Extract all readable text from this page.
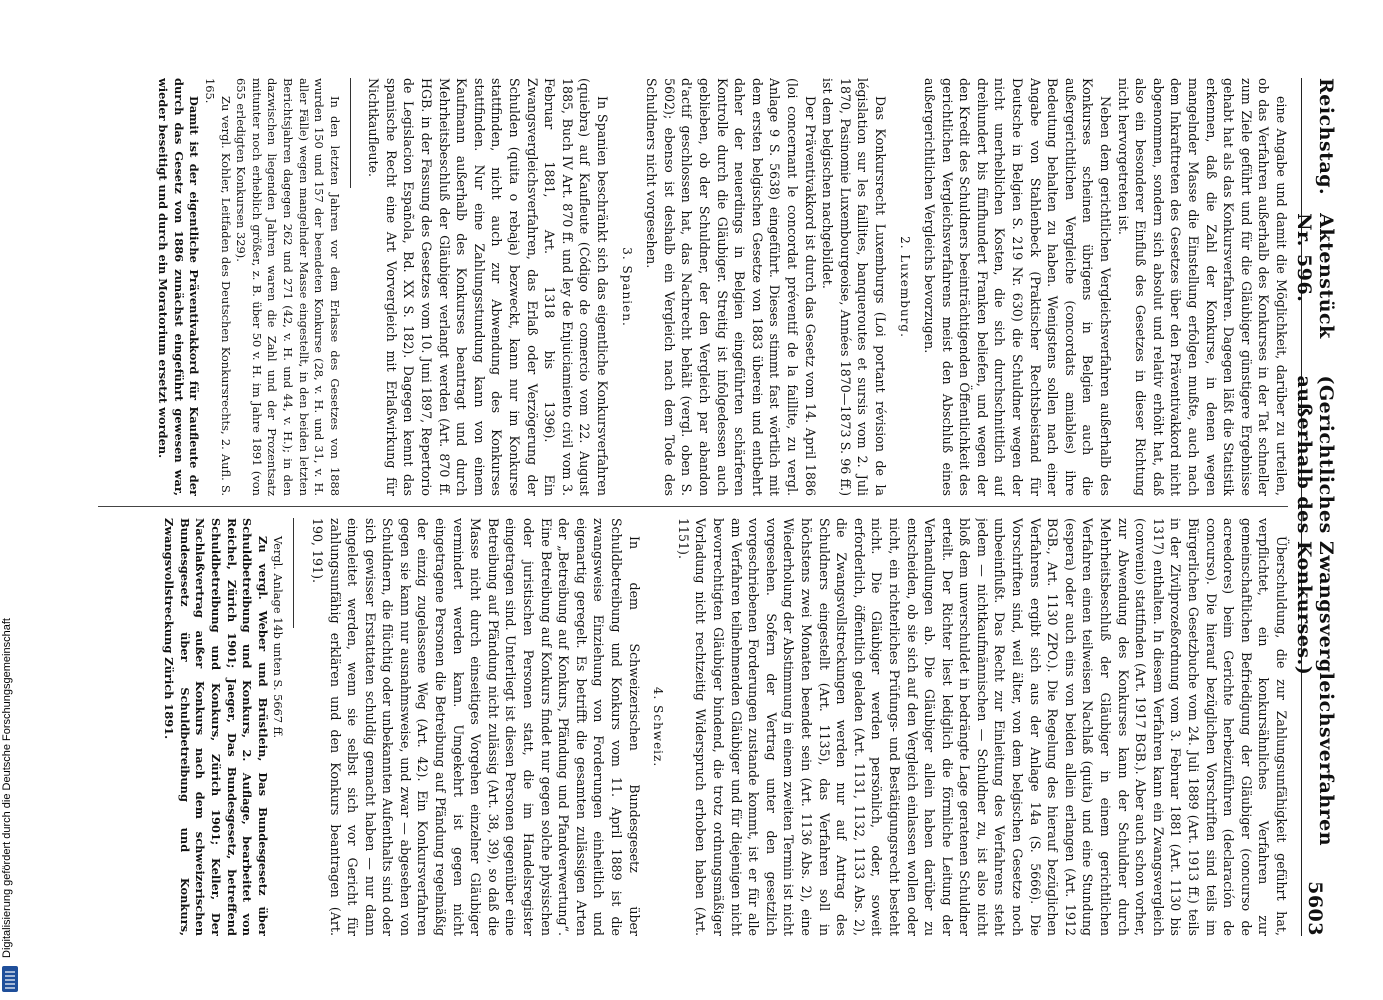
Digitalisierung gefördert durch die Deutsche Forschungsgemeinschaft
Reichstag.
Aktenstück Nr. 596.
(Gerichtliches Zwangsvergleichsverfahren außerhalb des Konkurses.)
5603

eine Angabe und damit die Möglichkeit, darüber zu urteilen, ob das Verfahren außerhalb des Konkurses in der Tat schneller zum Ziele geführt und für die Gläubiger günstigere Ergebnisse gehabt hat als das Konkursverfahren. Dagegen läßt die Statistik erkennen, daß die Zahl der Konkurse, in denen wegen mangelnder Masse die Einstellung erfolgen mußte, auch nach dem Inkrafttreten des Gesetzes über den Präventivakkord nicht abgenommen, sondern sich absolut und relativ erhöht hat, daß also ein besonderer Einfluß des Gesetzes in dieser Richtung nicht hervorgetreten ist.

Neben dem gerichtlichen Vergleichsverfahren außerhalb des Konkurses scheinen übrigens in Belgien auch die außergerichtlichen Vergleiche (concordats amiables) ihre Bedeutung behalten zu haben. Wenigstens sollen nach einer Angabe von Stahlenbeck (Praktischer Rechtsbeistand für Deutsche in Belgien S. 219 Nr. 630) die Schuldner wegen der nicht unerheblichen Kosten, die sich durchschnittlich auf dreihundert bis fünfhundert Franken beliefen, und wegen der den Kredit des Schuldners beeinträchtigenden Öffentlichkeit des gerichtlichen Vergleichsverfahrens meist den Abschluß eines außergerichtlichen Vergleichs bevorzugen.

2. Luxemburg.

Das Konkursrecht Luxemburgs (Loi portant révision de la législation sur les faillites, banqueroutes et sursis vom 2. Juli 1870, Pasinomie Luxembourgeoise, Années 1870—1873 S. 96 ff.) ist dem belgischen nachgebildet.

Der Präventivakkord ist durch das Gesetz vom 14. April 1886 (loi concernant le concordat préventif de la faillite, zu vergl. Anlage 9 S. 5638) eingeführt. Dieses stimmt fast wörtlich mit dem ersten belgischen Gesetze von 1883 überein und entbehrt daher der neuerdings in Belgien eingeführten schärferen Kontrolle durch die Gläubiger. Streitig ist infolgedessen auch geblieben, ob der Schuldner, der den Vergleich par abandon d'actif geschlossen hat, das Nachrecht behält (vergl. oben S. 5602); ebenso ist deshalb ein Vergleich nach dem Tode des Schuldners nicht vorgesehen.

3. Spanien.

In Spanien beschränkt sich das eigentliche Konkursverfahren (quiebra) auf Kaufleute (Código de comercio vom 22. August 1885, Buch IV Art. 870 ff. und ley de Enjuiciamiento civil vom 3. Februar 1881, Art. 1318 bis 1396). Ein Zwangsvergleichsverfahren, das Erlaß oder Verzögerung der Schulden (quita o rebaja) bezweckt, kann nur im Konkurse stattfinden, nicht auch zur Abwendung des Konkurses stattfinden. Nur eine Zahlungsstundung kann von einem Kaufmann außerhalb des Konkurses beantragt und durch Mehrheitsbeschluß der Gläubiger verlangt werden (Art. 870 ff. HGB. in der Fassung des Gesetzes vom 10. Juni 1897, Repertorio de Legislacion Española, Bd. XX S. 182). Dagegen kennt das spanische Recht eine Art Vorvergleich mit Erlaßwirkung für Nichtkaufleute.

In den letzten Jahren vor dem Erlasse des Gesetzes von 1888 wurden 150 und 157 der beendeten Konkurse (28, v. H. und 31, v. H. aller Fälle) wegen mangelnder Masse eingestellt, in den beiden letzten Berichtsjahren dagegen 262 und 271 (42, v. H. und 44, v. H.); in den dazwischen liegenden Jahren waren die Zahl und der Prozentsatz mitunter noch erheblich größer, z. B. über 50 v. H. im Jahre 1891 (von 655 erledigten Konkursen 329).

Zu vergl. Kohler, Leitfaden des Deutschen Konkursrechts, 2. Aufl. S. 165.

Damit ist der eigentliche Präventivakkord für Kaufleute der durch das Gesetz von 1886 zunächst eingeführt gewesen war, wieder beseitigt und durch ein Moratorium ersetzt worden.

Überschuldung, die zur Zahlungsunfähigkeit geführt hat, verpflichtet, ein konkursähnliches Verfahren zur gemeinschaftlichen Befriedigung der Gläubiger (concurso de acreedores) beim Gerichte herbeizuführen (declaración de concurso). Die hierauf bezüglichen Vorschriften sind teils im Bürgerlichen Gesetzbuche vom 24. Juli 1889 (Art. 1913 ff.) teils in der Zivilprozeßordnung vom 3. Februar 1881 (Art. 1130 bis 1317) enthalten. In diesem Verfahren kann ein Zwangsvergleich (convenio) stattfinden (Art. 1917 BGB.). Aber auch schon vorher, zur Abwendung des Konkurses kann der Schuldner durch Mehrheitsbeschluß der Gläubiger in einem gerichtlichen Verfahren einen teilweisen Nachlaß (quita) und eine Stundung (espera) oder auch eins von beiden allein erlangen (Art. 1912 BGB., Art. 1130 ZPO.). Die Regelung des hierauf bezüglichen Verfahrens ergibt sich aus der Anlage 14a (S. 5666). Die Vorschriften sind, weil älter, von dem belgischen Gesetze noch unbeeinflußt. Das Recht zur Einleitung des Verfahrens steht jedem — nichtkaufmännischen — Schuldner zu, ist also nicht bloß dem unverschuldet in bedrängte Lage geratenen Schuldner erteilt. Der Richter liest lediglich die förmliche Leitung der Verhandlungen ab. Die Gläubiger allein haben darüber zu entscheiden, ob sie sich auf den Vergleich einlassen wollen oder nicht, ein richterliches Prüfungs- und Bestätigungsrecht besteht nicht. Die Gläubiger werden persönlich, oder, soweit erforderlich, öffentlich geladen (Art. 1131, 1132, 1133 Abs. 2), die Zwangsvollstreckungen werden nur auf Antrag des Schuldners eingestellt (Art. 1135), das Verfahren soll in höchstens zwei Monaten beendet sein (Art. 1136 Abs. 2), eine Wiederholung der Abstimmung in einem zweiten Termin ist nicht vorgesehen. Sofern der Vertrag unter den gesetzlich vorgeschriebenen Forderungen zustande kommt, ist er für alle am Verfahren teilnehmenden Gläubiger und für diejenigen nicht bevorrechtigten Gläubiger bindend, die trotz ordnungsmäßiger Vorladung nicht rechtzeitig Widerspruch erhoben haben (Art. 1151).

4. Schweiz.

In dem Schweizerischen Bundesgesetz über Schuldbetreibung und Konkurs vom 11. April 1889 ist die zwangsweise Einziehung von Forderungen einheitlich und eigenartig geregelt. Es betrifft die gesamten zulässigen Arten der „Betreibung auf Konkurs, Pfändung und Pfandverwertung“. Eine Betreibung auf Konkurs findet nur gegen solche physischen oder juristischen Personen statt, die im Handelsregister eingetragen sind. Unterliegt ist diesen Personen gegenüber eine Betreibung auf Pfändung nicht zulässig (Art. 38, 39), so daß die Masse nicht durch einseitiges Vorgehen einzelner Gläubiger vermindert werden kann. Umgekehrt ist gegen nicht eingetragene Personen die Betreibung auf Pfändung regelmäßig der einzig zugelassene Weg (Art. 42). Ein Konkursverfahren gegen sie kann nur ausnahmsweise, und zwar — abgesehen von Schuldnern, die flüchtig oder unbekannten Aufenthalts sind oder sich gewisser Erstattaten schuldig gemacht haben — nur dann eingeleitet werden, wenn sie selbst sich vor Gericht für zahlungsunfähig erklären und den Konkurs beantragen (Art. 190, 191).

Vergl. Anlage 14b unten S. 5667 ff.

Zu vergl. Weber und Brüstlein, Das Bundesgesetz über Schuldbetreibung und Konkurs, 2. Auflage, bearbeitet von Reichel, Zürich 1901; Jaeger, Das Bundesgesetz, betreffend Schuldbetreibung und Konkurs, Zürich 1901; Keller, Der Nachlaßvertrag außer Konkurs nach dem schweizerischen Bundesgesetz über Schuldbetreibung und Konkurs, Zwangsvollstreckung Zürich 1891.
